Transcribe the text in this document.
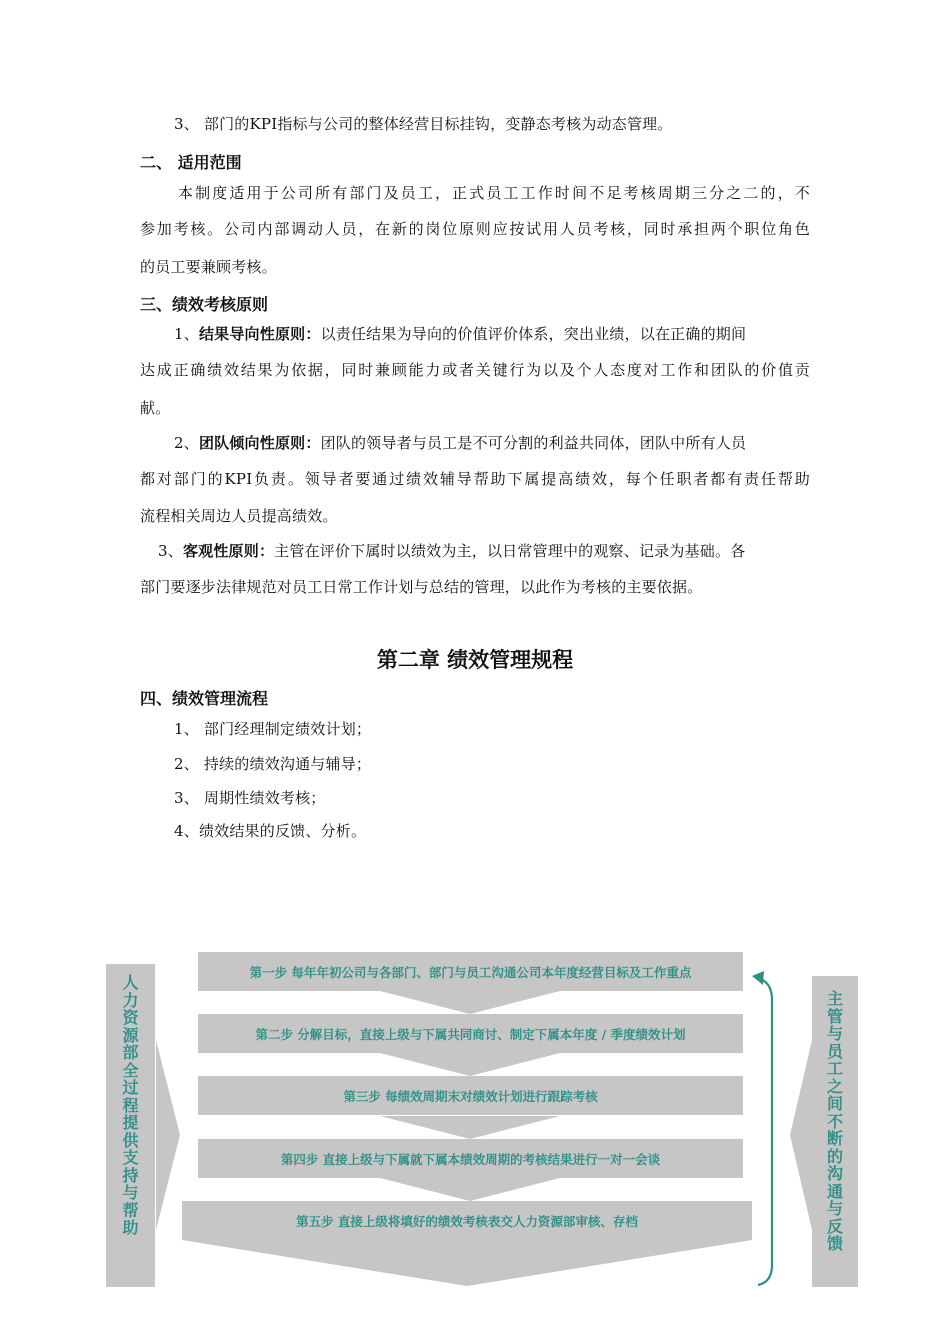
3、 部门的KPI指标与公司的整体经营目标挂钩，变静态考核为动态管理。
二、 适用范围
本制度适用于公司所有部门及员工，正式员工工作时间不足考核周期三分之二的，不
参加考核。公司内部调动人员，在新的岗位原则应按试用人员考核，同时承担两个职位角色
的员工要兼顾考核。
三、绩效考核原则
1、结果导向性原则：以责任结果为导向的价值评价体系，突出业绩，以在正确的期间
达成正确绩效结果为依据，同时兼顾能力或者关键行为以及个人态度对工作和团队的价值贡
献。
2、团队倾向性原则：团队的领导者与员工是不可分割的利益共同体，团队中所有人员
都对部门的KPI负责。领导者要通过绩效辅导帮助下属提高绩效，每个任职者都有责任帮助
流程相关周边人员提高绩效。
3、客观性原则：主管在评价下属时以绩效为主，以日常管理中的观察、记录为基础。各
部门要逐步法律规范对员工日常工作计划与总结的管理，以此作为考核的主要依据。
第二章 绩效管理规程
四、绩效管理流程
1、 部门经理制定绩效计划；
2、 持续的绩效沟通与辅导；
3、 周期性绩效考核；
4、绩效结果的反馈、分析。
第一步 每年年初公司与各部门、部门与员工沟通公司本年度经营目标及工作重点
第二步 分解目标，直接上级与下属共同商讨、制定下属本年度 / 季度绩效计划
第三步 每绩效周期末对绩效计划进行跟踪考核
第四步 直接上级与下属就下属本绩效周期的考核结果进行一对一会谈
第五步 直接上级将填好的绩效考核表交人力资源部审核、存档
人力资源部全过程提供支持与帮助
主管与员工之间不断的沟通与反馈
